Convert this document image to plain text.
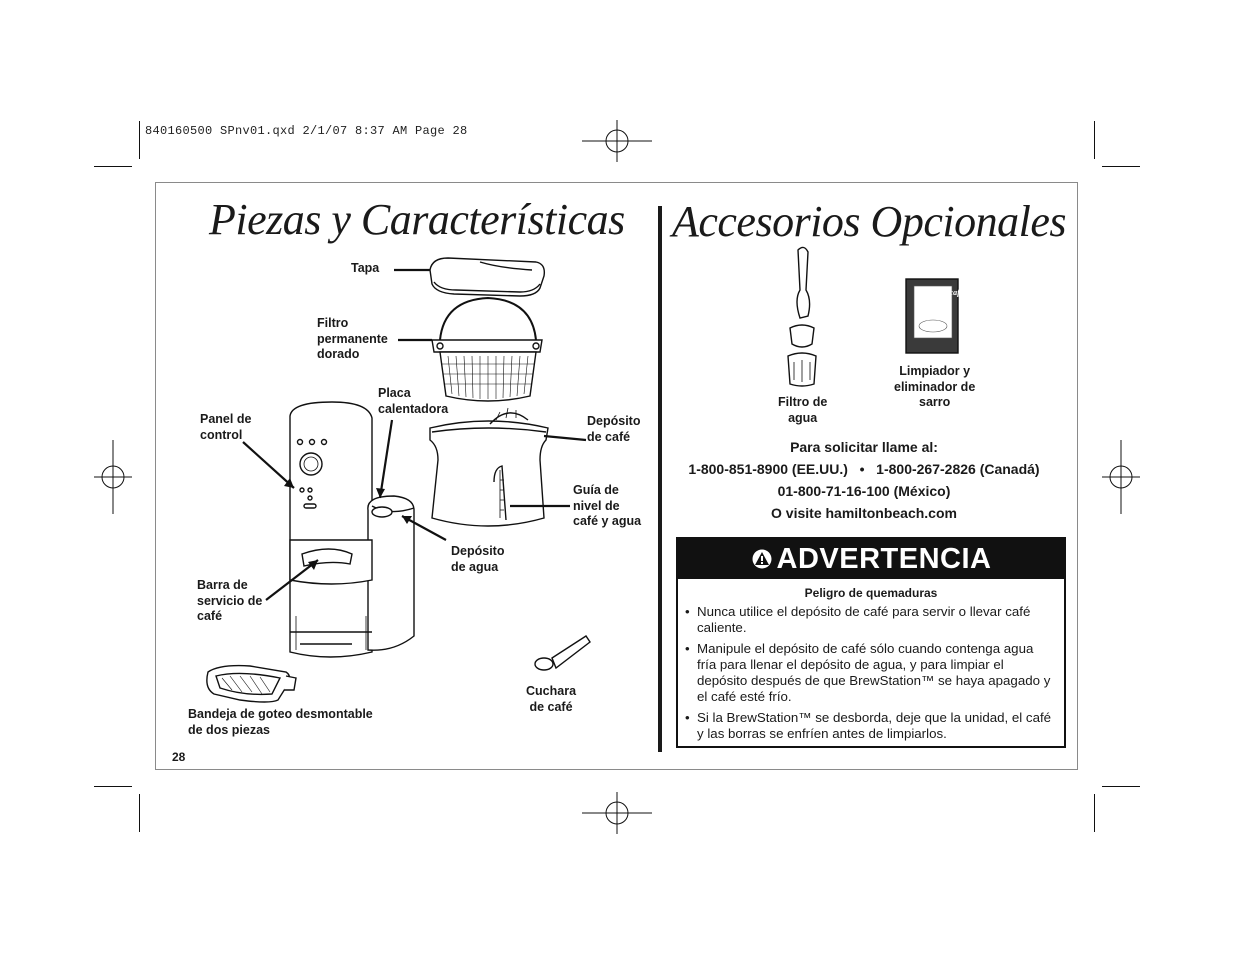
840160500 SPnv01.qxd 2/1/07 8:37 AM Page 28
Piezas y Características Accesorios Opcionales
Cleancaf
Tapa
Filtro
permanente
dorado
Placa
calentadora
Panel de
control
Depósito
de café
Guía de
nivel de
café y agua
Depósito
de agua
Barra de
servicio de
café
Cuchara
de café
Bandeja de goteo desmontable
de dos piezas
Filtro de
agua
Limpiador y
eliminador de
sarro
Para solicitar llame al:
1-800-851-8900 (EE.UU.)   •   1-800-267-2826 (Canadá)
01-800-71-16-100 (México)
O visite hamiltonbeach.com
ADVERTENCIA
Peligro de quemaduras
• Nunca utilice el depósito de café para servir o llevar café caliente.
• Manipule el depósito de café sólo cuando contenga agua fría para llenar el depósito de agua, y para limpiar el depósito después de que BrewStation™ se haya apagado y el café esté frío.
• Si la BrewStation™ se desborda, deje que la unidad, el café y las borras se enfríen antes de limpiarlos.
28
